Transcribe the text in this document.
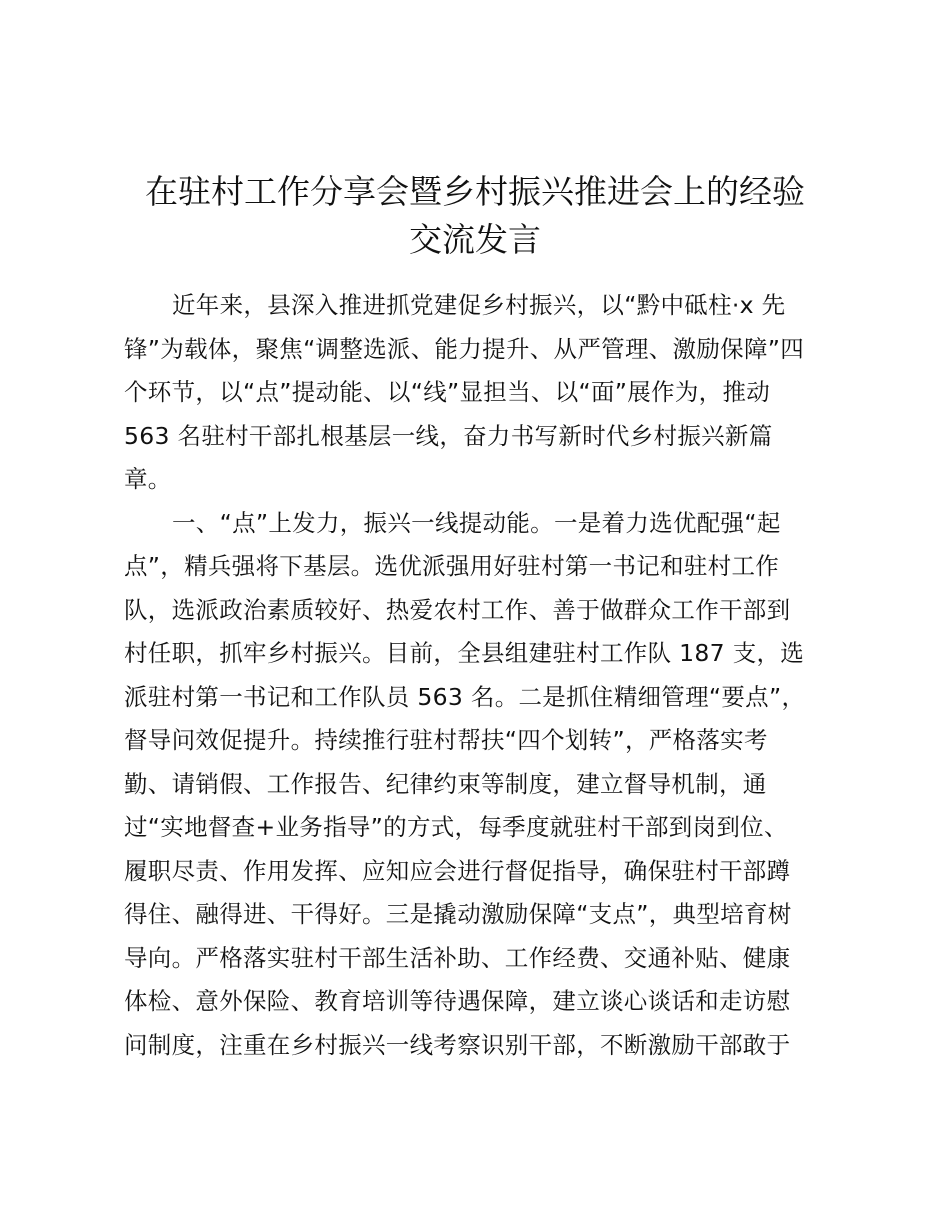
在驻村工作分享会暨乡村振兴推进会上的经验
交流发言
近年来，县深入推进抓党建促乡村振兴，以“黔中砥柱·x 先
锋”为载体，聚焦“调整选派、能力提升、从严管理、激励保障”四
个环节，以“点”提动能、以“线”显担当、以“面”展作为，推动
563 名驻村干部扎根基层一线，奋力书写新时代乡村振兴新篇
章。
一、“点”上发力，振兴一线提动能。一是着力选优配强“起
点”，精兵强将下基层。选优派强用好驻村第一书记和驻村工作
队，选派政治素质较好、热爱农村工作、善于做群众工作干部到
村任职，抓牢乡村振兴。目前，全县组建驻村工作队 187 支，选
派驻村第一书记和工作队员 563 名。二是抓住精细管理“要点”，
督导问效促提升。持续推行驻村帮扶“四个划转”，严格落实考
勤、请销假、工作报告、纪律约束等制度，建立督导机制，通
过“实地督查+业务指导”的方式，每季度就驻村干部到岗到位、
履职尽责、作用发挥、应知应会进行督促指导，确保驻村干部蹲
得住、融得进、干得好。三是撬动激励保障“支点”，典型培育树
导向。严格落实驻村干部生活补助、工作经费、交通补贴、健康
体检、意外保险、教育培训等待遇保障，建立谈心谈话和走访慰
问制度，注重在乡村振兴一线考察识别干部，不断激励干部敢于
